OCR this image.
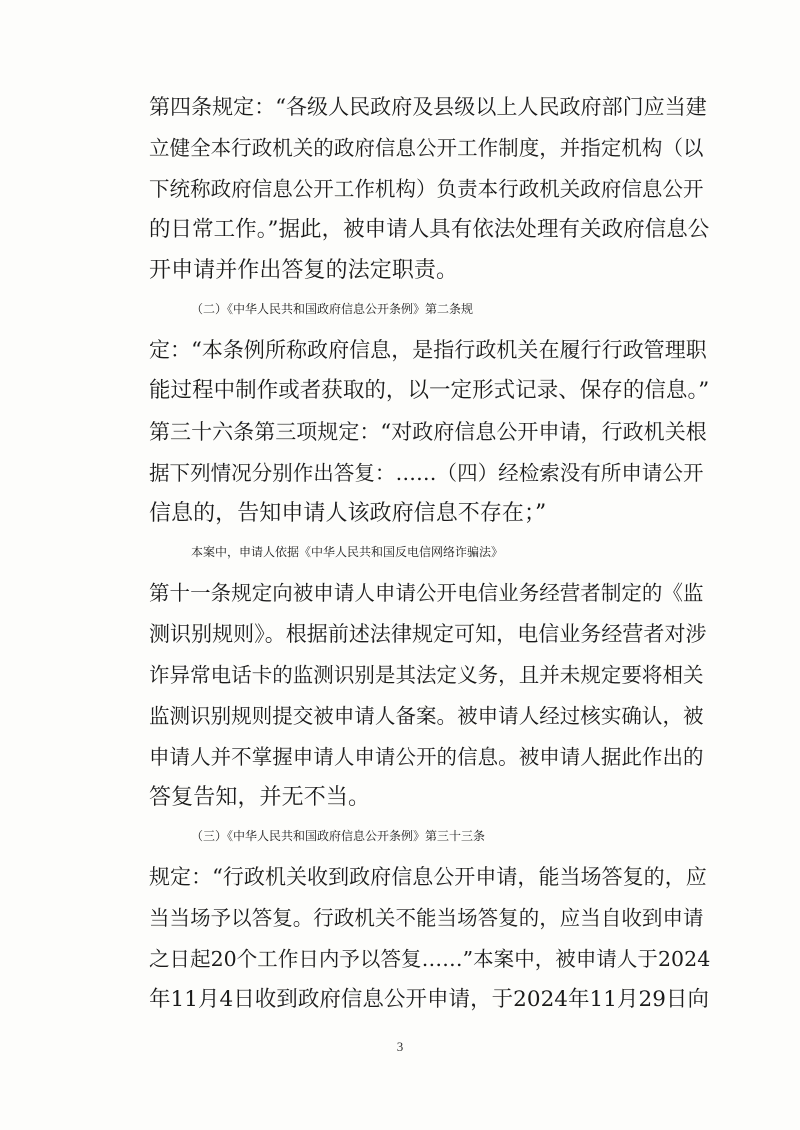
第四条规定：“各级人民政府及县级以上人民政府部门应当建
立健全本行政机关的政府信息公开工作制度，并指定机构（以
下统称政府信息公开工作机构）负责本行政机关政府信息公开
的日常工作。”据此，被申请人具有依法处理有关政府信息公
开申请并作出答复的法定职责。
（二）《中华人民共和国政府信息公开条例》第二条规
定：“本条例所称政府信息，是指行政机关在履行行政管理职
能过程中制作或者获取的，以一定形式记录、保存的信息。”
第三十六条第三项规定：“对政府信息公开申请，行政机关根
据下列情况分别作出答复：……（四）经检索没有所申请公开
信息的，告知申请人该政府信息不存在；”
本案中，申请人依据《中华人民共和国反电信网络诈骗法》
第十一条规定向被申请人申请公开电信业务经营者制定的《监
测识别规则》。根据前述法律规定可知，电信业务经营者对涉
诈异常电话卡的监测识别是其法定义务，且并未规定要将相关
监测识别规则提交被申请人备案。被申请人经过核实确认，被
申请人并不掌握申请人申请公开的信息。被申请人据此作出的
答复告知，并无不当。
（三）《中华人民共和国政府信息公开条例》第三十三条
规定：“行政机关收到政府信息公开申请，能当场答复的，应
当当场予以答复。行政机关不能当场答复的，应当自收到申请
之日起20个工作日内予以答复……”本案中，被申请人于2024
年11月4日收到政府信息公开申请，于2024年11月29日向
3
